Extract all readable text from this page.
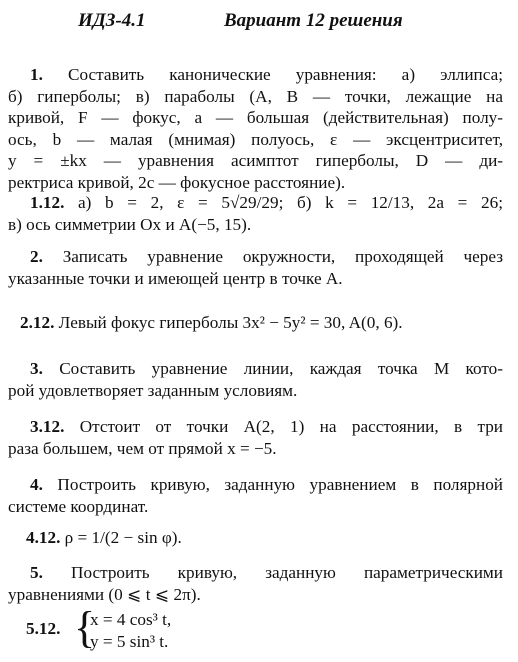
ИДЗ-4.1	Вариант 12 решения
1. Составить канонические уравнения: а) эллипса;
б) гиперболы; в) параболы (A, B — точки, лежащие на
кривой, F — фокус, a — большая (действительная) полу-
ось, b — малая (мнимая) полуось, ε — эксцентриситет,
y = ±kx — уравнения асимптот гиперболы, D — ди-
ректриса кривой, 2c — фокусное расстояние).
1.12. а) b = 2, ε = 5√29/29; б) k = 12/13, 2a = 26;
в) ось симметрии Ox и A(−5, 15).
2. Записать уравнение окружности, проходящей через
указанные точки и имеющей центр в точке A.
2.12. Левый фокус гиперболы 3x² − 5y² = 30, A(0, 6).
3. Составить уравнение линии, каждая точка M кото-
рой удовлетворяет заданным условиям.
3.12. Отстоит от точки A(2, 1) на расстоянии, в три
раза большем, чем от прямой x = −5.
4. Построить кривую, заданную уравнением в полярной
системе координат.
4.12. ρ = 1/(2 − sin φ).
5. Построить кривую, заданную параметрическими
уравнениями (0 ⩽ t ⩽ 2π).
5.12. {
x = 4 cos³ t,
y = 5 sin³ t.
